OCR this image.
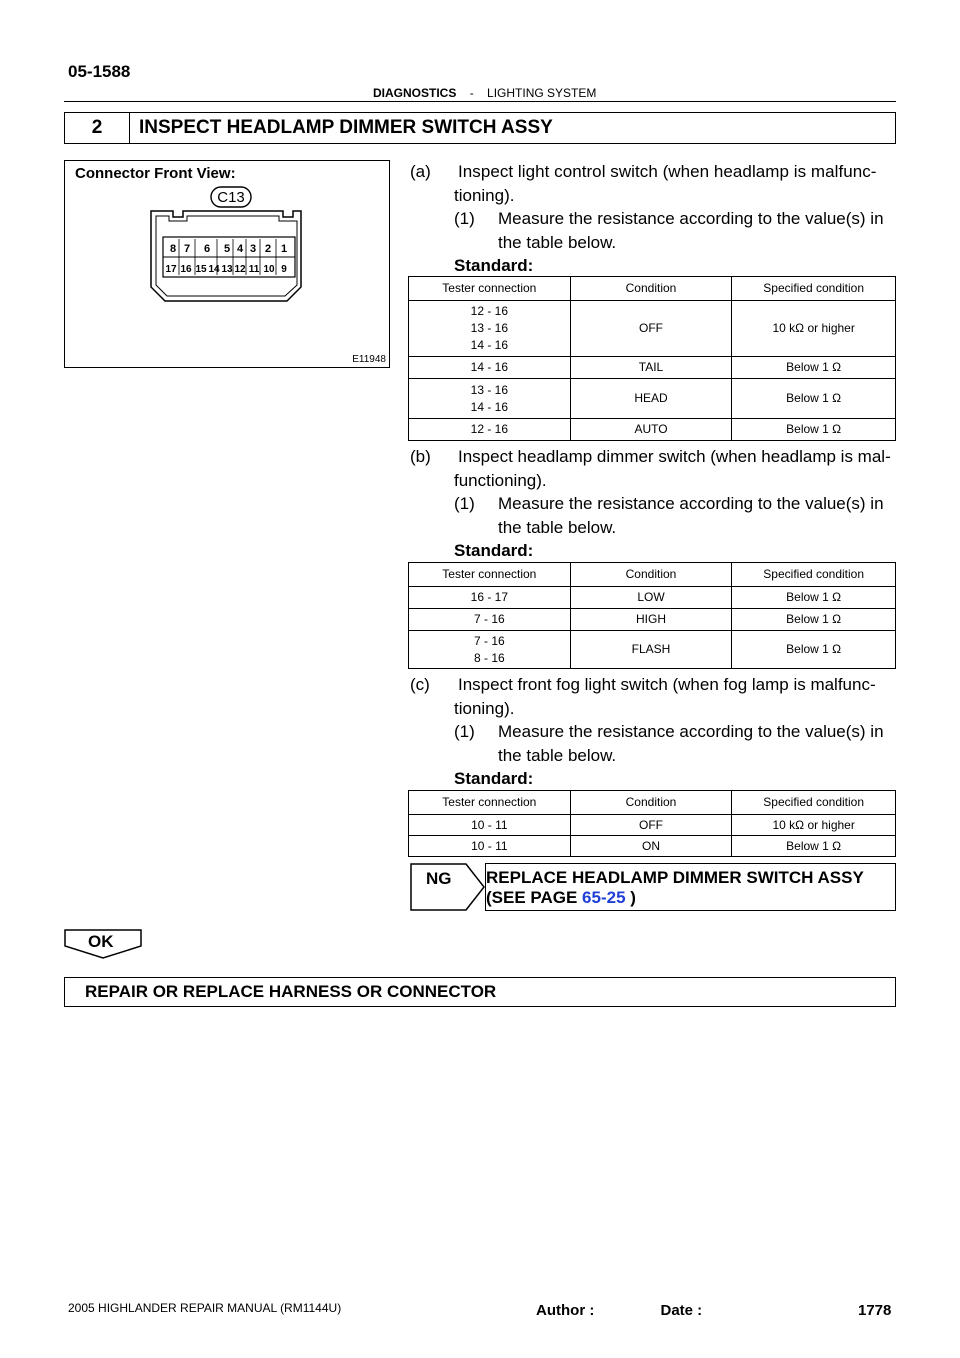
05-1588
DIAGNOSTICS - LIGHTING SYSTEM
2	INSPECT HEADLAMP DIMMER SWITCH ASSY
Connector Front View:
C13
8 7 6 5 4 3 2 1
17 16 15 14 13 12 11 10 9
E11948
(a) Inspect light control switch (when headlamp is malfunc-
tioning).
(1) Measure the resistance according to the value(s) in
the table below.
Standard:
Tester connection	Condition	Specified condition
12 - 16
13 - 16
14 - 16	OFF	10 kΩ or higher
14 - 16	TAIL	Below 1 Ω
13 - 16
14 - 16	HEAD	Below 1 Ω
12 - 16	AUTO	Below 1 Ω
(b) Inspect headlamp dimmer switch (when headlamp is mal-
functioning).
(1) Measure the resistance according to the value(s) in
the table below.
Standard:
Tester connection	Condition	Specified condition
16 - 17	LOW	Below 1 Ω
7 - 16	HIGH	Below 1 Ω
7 - 16
8 - 16	FLASH	Below 1 Ω
(c) Inspect front fog light switch (when fog lamp is malfunc-
tioning).
(1) Measure the resistance according to the value(s) in
the table below.
Standard:
Tester connection	Condition	Specified condition
10 - 11	OFF	10 kΩ or higher
10 - 11	ON	Below 1 Ω
NG REPLACE HEADLAMP DIMMER SWITCH ASSY
(SEE PAGE 65-25 )
OK
REPAIR OR REPLACE HARNESS OR CONNECTOR
2005 HIGHLANDER REPAIR MANUAL (RM1144U)	Author :	Date :	1778
